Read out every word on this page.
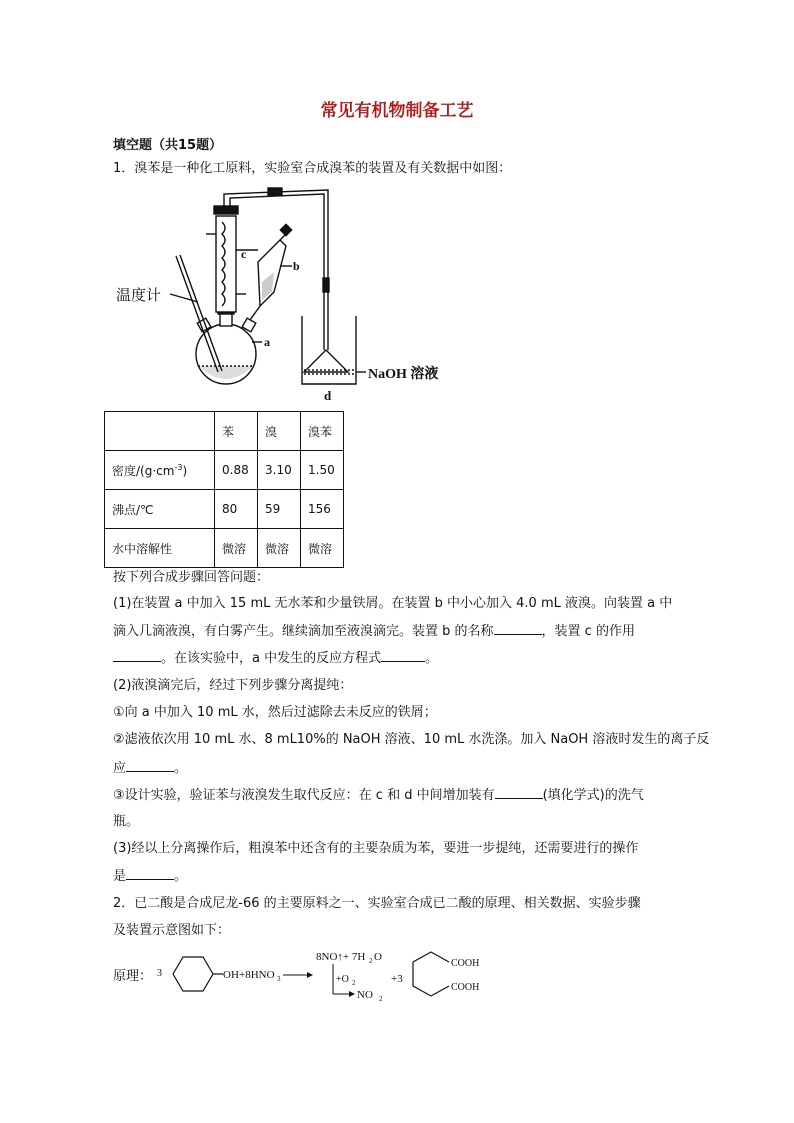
常见有机物制备工艺
填空题（共15题）
1．溴苯是一种化工原料，实验室合成溴苯的装置及有关数据中如图：
c
b
a
温度计
NaOH 溶液
d
	苯	溴	溴苯
密度$/(g\cdot cm^{-3})$	0.88	3.10	1.50
沸点/℃	80	59	156
水中溶解性	微溶	微溶	微溶
按下列合成步骤回答问题：
(1)在装置 a 中加入 15 mL 无水苯和少量铁屑。在装置 b 中小心加入 4.0 mL 液溴。向装置 a 中
滴入几滴液溴，有白雾产生。继续滴加至液溴滴完。装置 b 的名称	，装置 c 的作用
。在该实验中，a 中发生的反应方程式	。
(2)液溴滴完后，经过下列步骤分离提纯：
①向 a 中加入 10 mL 水，然后过滤除去未反应的铁屑；
②滤液依次用 10 mL 水、8 mL10%的 NaOH 溶液、10 mL 水洗涤。加入 NaOH 溶液时发生的离子反
应	。
③设计实验，验证苯与液溴发生取代反应：在 c 和 d 中间增加装有	(填化学式)的洗气
瓶。
(3)经以上分离操作后，粗溴苯中还含有的主要杂质为苯，要进一步提纯，还需要进行的操作
是	。
2．已二酸是合成尼龙-66 的主要原料之一、实验室合成已二酸的原理、相关数据、实验步骤
及装置示意图如下：
原理： 3	OH +8HNO 3
8NO↑+ 7H 2 O
+O 2
NO 2
+3
COOH
COOH
